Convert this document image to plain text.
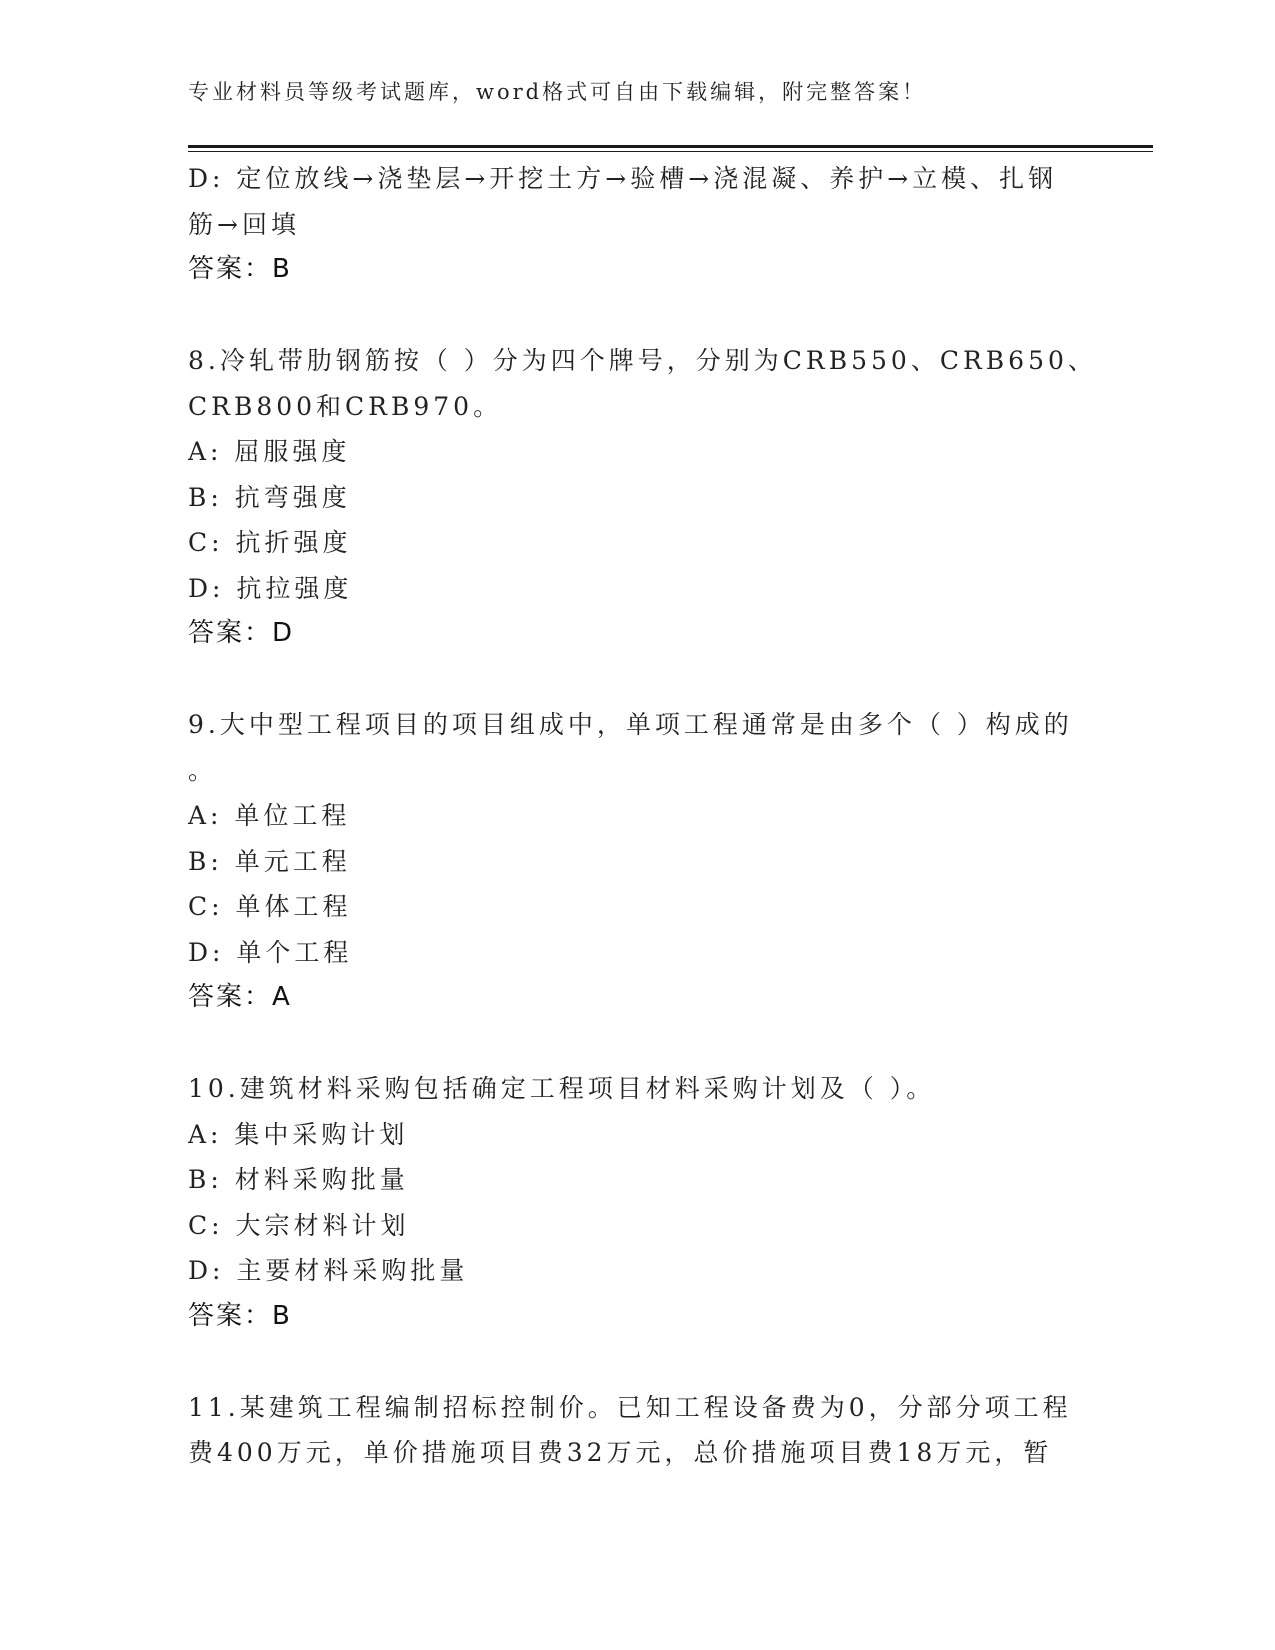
专业材料员等级考试题库，word格式可自由下载编辑，附完整答案！
D: 定位放线→浇垫层→开挖土方→验槽→浇混凝、养护→立模、扎钢
筋→回填
答案：B
8.冷轧带肋钢筋按（ ）分为四个牌号，分别为CRB550、CRB650、
CRB800和CRB970。
A: 屈服强度
B: 抗弯强度
C: 抗折强度
D: 抗拉强度
答案：D
9.大中型工程项目的项目组成中，单项工程通常是由多个（ ）构成的
。
A: 单位工程
B: 单元工程
C: 单体工程
D: 单个工程
答案：A
10.建筑材料采购包括确定工程项目材料采购计划及（ ）。
A: 集中采购计划
B: 材料采购批量
C: 大宗材料计划
D: 主要材料采购批量
答案：B
11.某建筑工程编制招标控制价。已知工程设备费为0，分部分项工程
费400万元，单价措施项目费32万元，总价措施项目费18万元，暂
